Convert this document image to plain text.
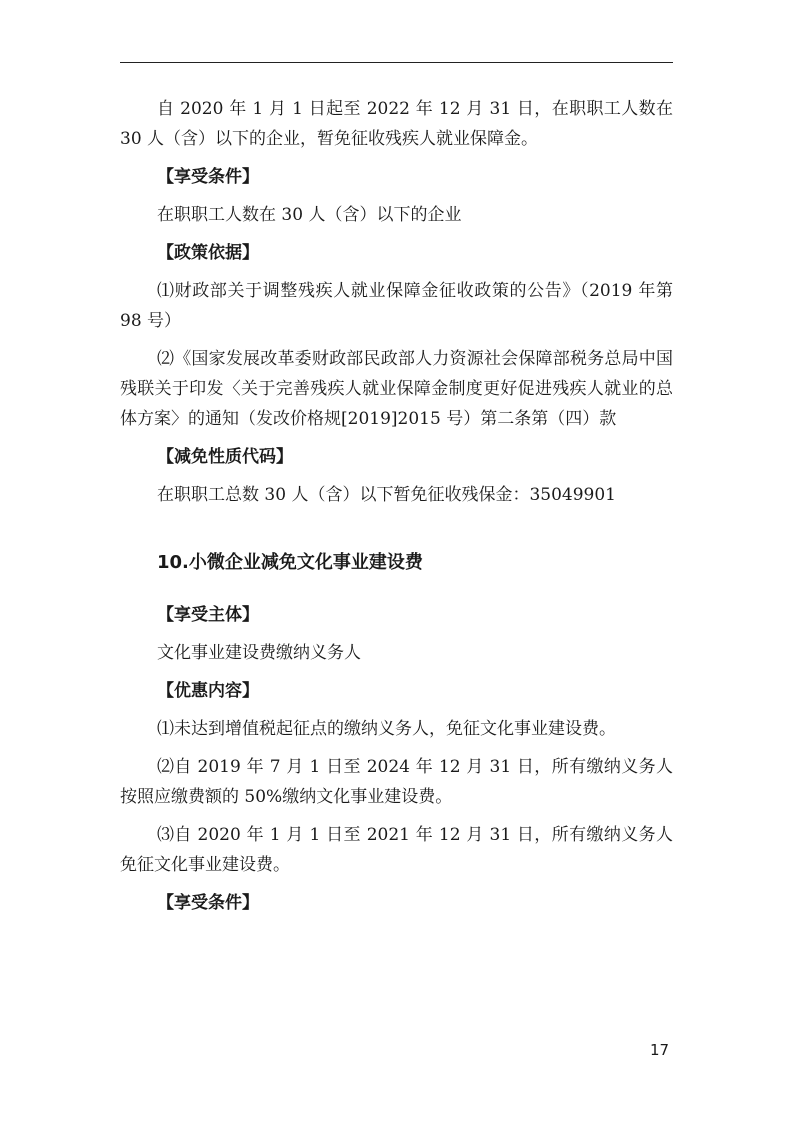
自 2020 年 1 月 1 日起至 2022 年 12 月 31 日，在职职工人数在 30 人（含）以下的企业，暂免征收残疾人就业保障金。

【享受条件】

在职职工人数在 30 人（含）以下的企业

【政策依据】

⑴财政部关于调整残疾人就业保障金征收政策的公告》（2019 年第 98 号）

⑵《国家发展改革委财政部民政部人力资源社会保障部税务总局中国残联关于印发〈关于完善残疾人就业保障金制度更好促进残疾人就业的总体方案〉的通知（发改价格规[2019]2015 号）第二条第（四）款

【减免性质代码】

在职职工总数 30 人（含）以下暂免征收残保金：35049901

10.小微企业减免文化事业建设费
【享受主体】

文化事业建设费缴纳义务人

【优惠内容】

⑴未达到增值税起征点的缴纳义务人，免征文化事业建设费。

⑵自 2019 年 7 月 1 日至 2024 年 12 月 31 日，所有缴纳义务人按照应缴费额的 50%缴纳文化事业建设费。

⑶自 2020 年 1 月 1 日至 2021 年 12 月 31 日，所有缴纳义务人免征文化事业建设费。

【享受条件】
17
